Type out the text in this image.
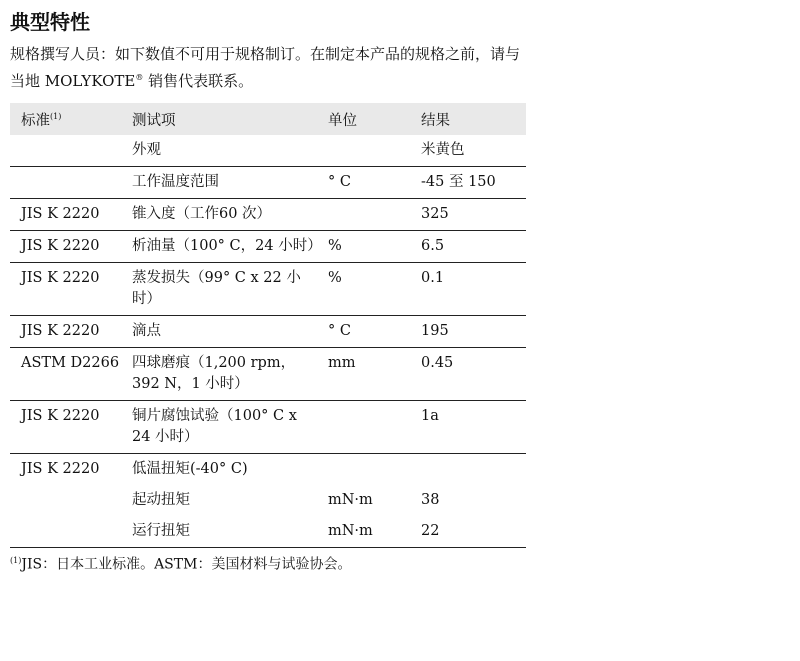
典型特性
规格撰写人员：如下数值不可用于规格制订。在制定本产品的规格之前，请与当地 MOLYKOTE® 销售代表联系。
标准$^{(1)}$	测试项	单位	结果
	外观		米黄色
	工作温度范围	° C	-45 至 150
JIS K 2220	锥入度（工作60 次）		325
JIS K 2220	析油量（100° C，24 小时）	%	6.5
JIS K 2220	蒸发损失（99° C x 22 小时）	%	0.1
JIS K 2220	滴点	° C	195
ASTM D2266	四球磨痕（1,200 rpm，392 N，1 小时）	mm	0.45
JIS K 2220	铜片腐蚀试验（100° C x 24 小时）		1a
JIS K 2220	低温扭矩(-40° C)		
	起动扭矩	mN·m	38
	运行扭矩	mN·m	22
$^{(1)}$JIS：日本工业标准。ASTM：美国材料与试验协会。
